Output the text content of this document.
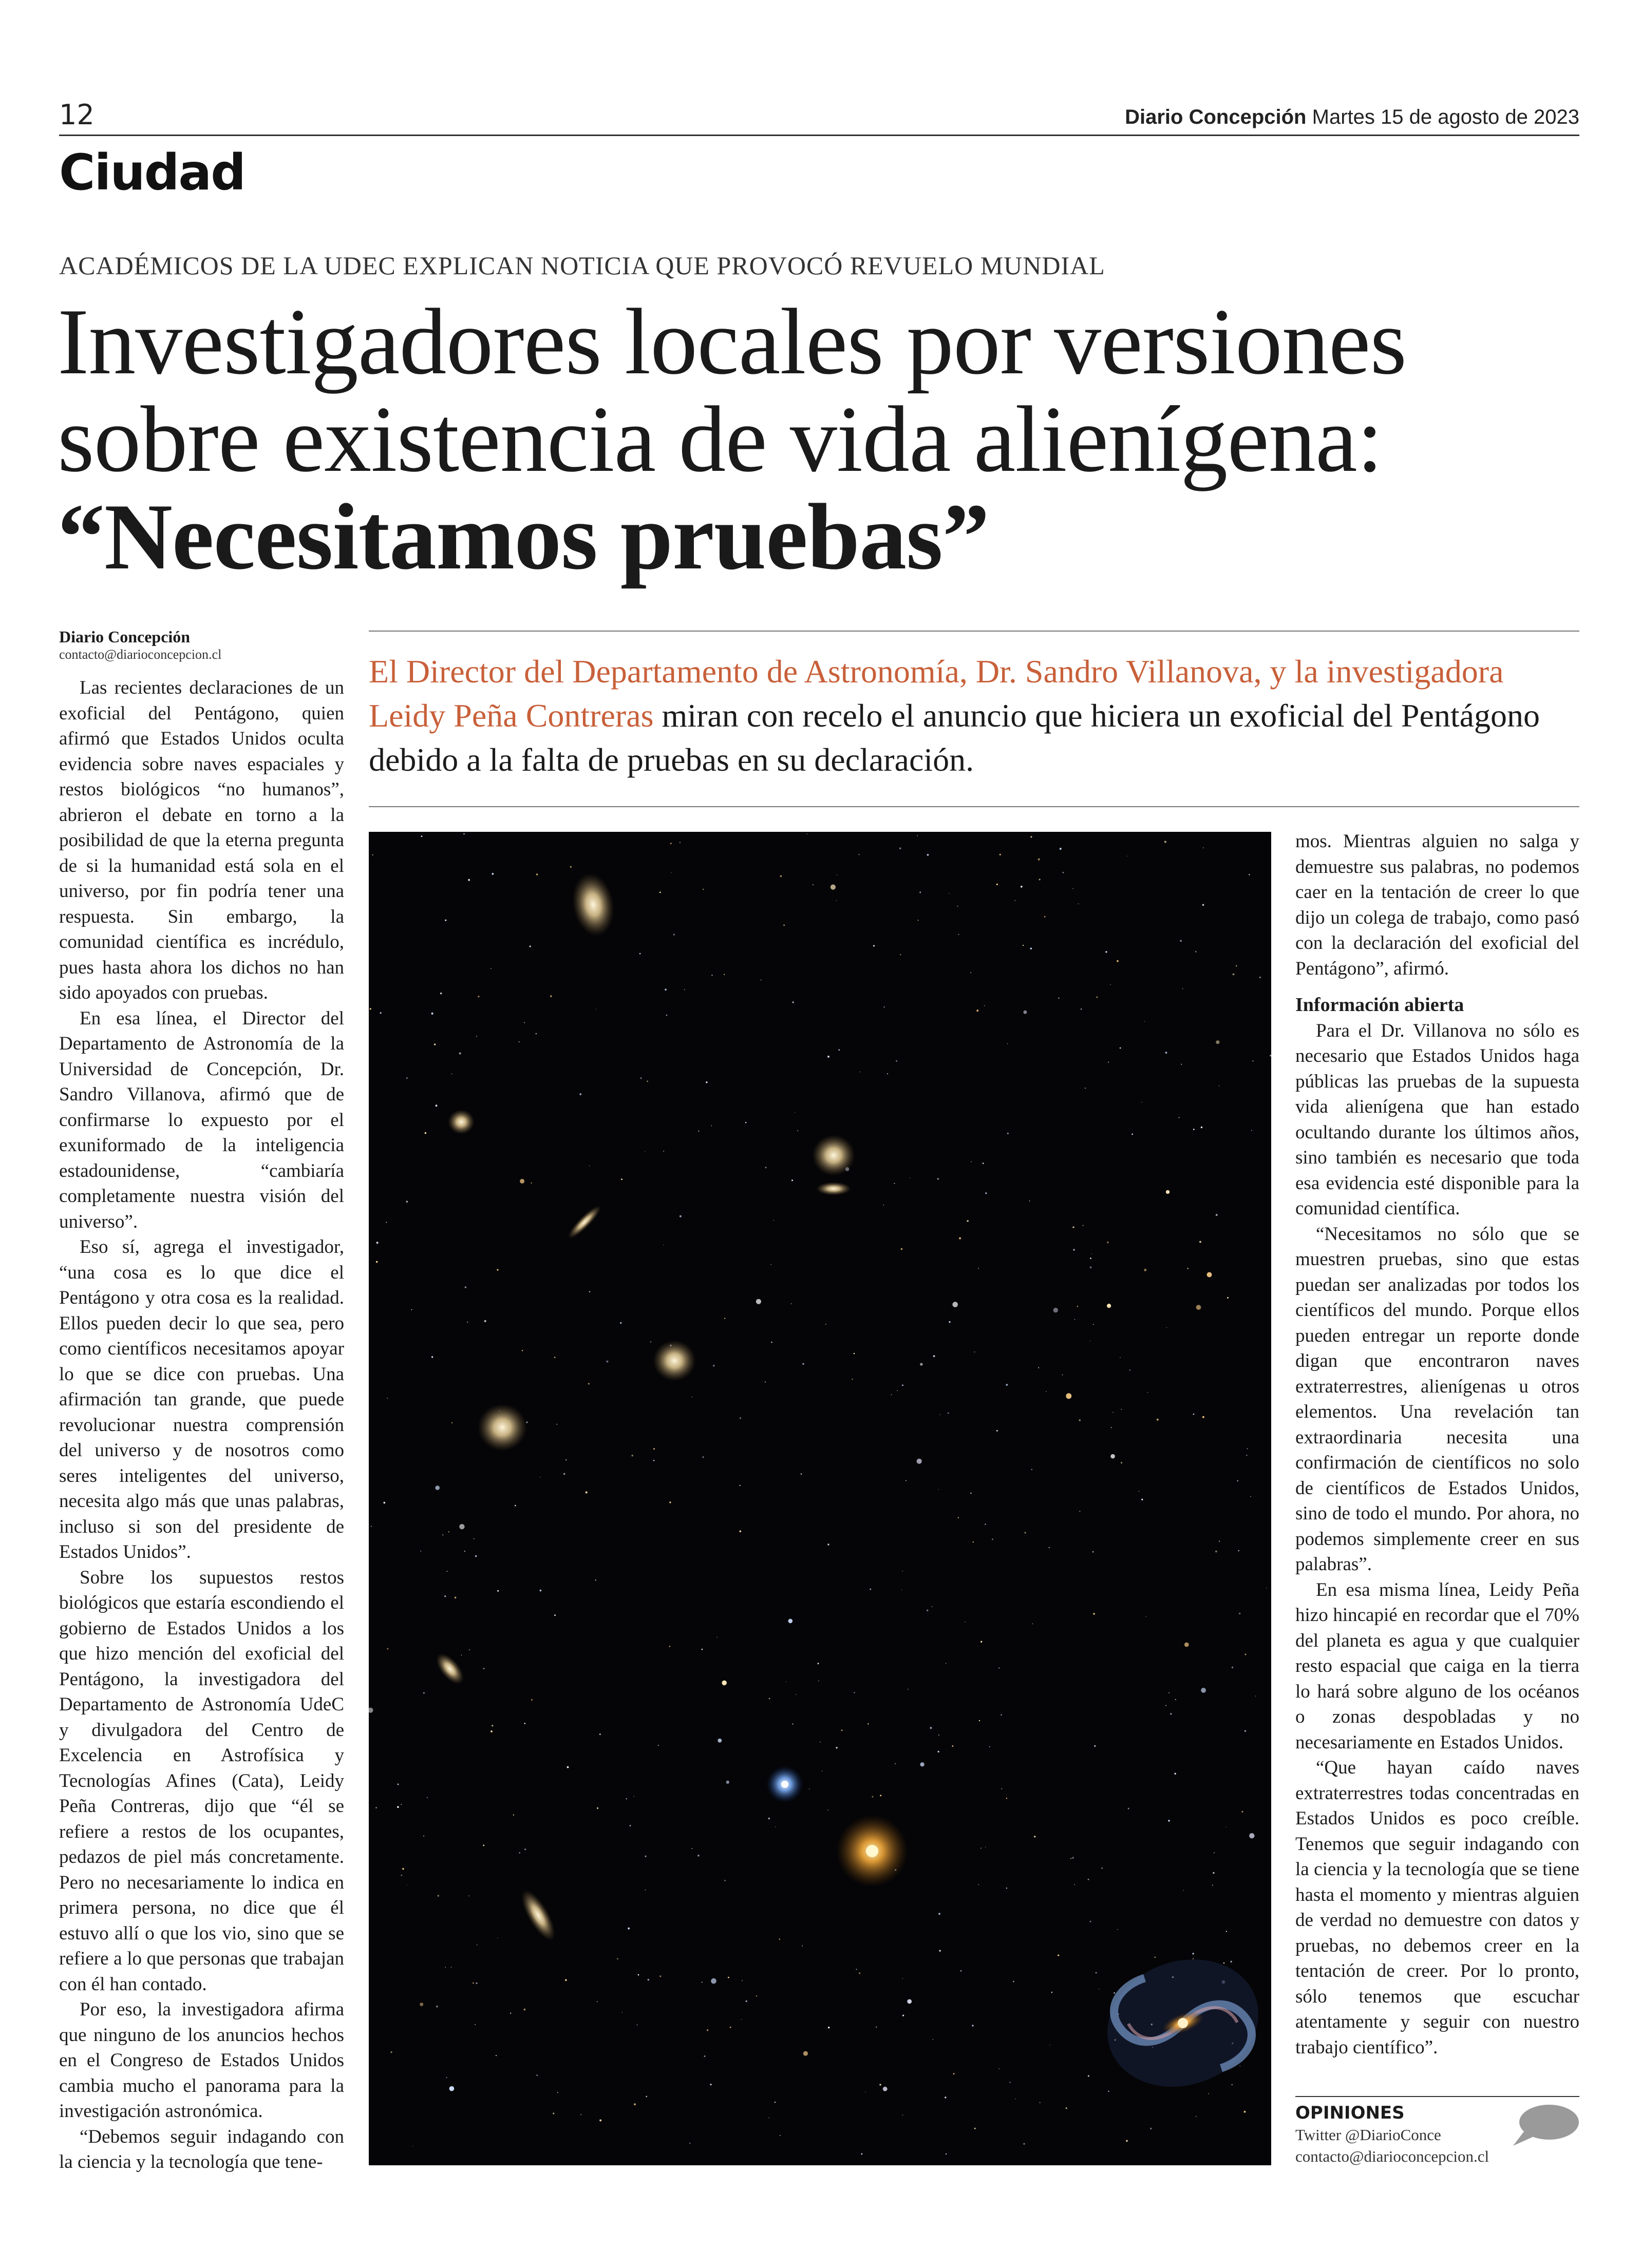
12	Diario Concepción Martes 15 de agosto de 2023
Ciudad
ACADÉMICOS DE LA UDEC EXPLICAN NOTICIA QUE PROVOCÓ REVUELO MUNDIAL
Investigadores locales por versiones
sobre existencia de vida alienígena:
“Necesitamos pruebas”
Diario Concepción
contacto@diarioconcepcion.cl	El Director del Departamento de Astronomía, Dr. Sandro Villanova, y la investigadora Leidy Peña Contreras miran con recelo el anuncio que hiciera un exoficial del Pentágono debido a la falta de pruebas en su declaración.

Las recientes declaraciones de un exoficial del Pentágono, quien afirmó que Estados Unidos oculta evidencia sobre naves espaciales y restos biológicos “no humanos”, abrieron el debate en torno a la posibilidad de que la eterna pregunta de si la humanidad está sola en el universo, por fin podría tener una respuesta. Sin embargo, la comunidad científica es incrédulo, pues hasta ahora los dichos no han sido apoyados con pruebas.

En esa línea, el Director del Departamento de Astronomía de la Universidad de Concepción, Dr. Sandro Villanova, afirmó que de confirmarse lo expuesto por el exuniformado de la inteligencia estadounidense, “cambiaría completamente nuestra visión del universo”.

Eso sí, agrega el investigador, “una cosa es lo que dice el Pentágono y otra cosa es la realidad. Ellos pueden decir lo que sea, pero como científicos necesitamos apoyar lo que se dice con pruebas. Una afirmación tan grande, que puede revolucionar nuestra comprensión del universo y de nosotros como seres inteligentes del universo, necesita algo más que unas palabras, incluso si son del presidente de Estados Unidos”.

Sobre los supuestos restos biológicos que estaría escondiendo el gobierno de Estados Unidos a los que hizo mención del exoficial del Pentágono, la investigadora del Departamento de Astronomía UdeC y divulgadora del Centro de Excelencia en Astrofísica y Tecnologías Afines (Cata), Leidy Peña Contreras, dijo que “él se refiere a restos de los ocupantes, pedazos de piel más concretamente. Pero no necesariamente lo indica en primera persona, no dice que él estuvo allí o que los vio, sino que se refiere a lo que personas que trabajan con él han contado.

Por eso, la investigadora afirma que ninguno de los anuncios hechos en el Congreso de Estados Unidos cambia mucho el panorama para la investigación astronómica.

“Debemos seguir indagando con la ciencia y la tecnología que tene-

mos. Mientras alguien no salga y demuestre sus palabras, no podemos caer en la tentación de creer lo que dijo un colega de trabajo, como pasó con la declaración del exoficial del Pentágono”, afirmó.

Información abierta

Para el Dr. Villanova no sólo es necesario que Estados Unidos haga públicas las pruebas de la supuesta vida alienígena que han estado ocultando durante los últimos años, sino también es necesario que toda esa evidencia esté disponible para la comunidad científica.

“Necesitamos no sólo que se muestren pruebas, sino que estas puedan ser analizadas por todos los científicos del mundo. Porque ellos pueden entregar un reporte donde digan que encontraron naves extraterrestres, alienígenas u otros elementos. Una revelación tan extraordinaria necesita una confirmación de científicos no solo de científicos de Estados Unidos, sino de todo el mundo. Por ahora, no podemos simplemente creer en sus palabras”.

En esa misma línea, Leidy Peña hizo hincapié en recordar que el 70% del planeta es agua y que cualquier resto espacial que caiga en la tierra lo hará sobre alguno de los océanos o zonas despobladas y no necesariamente en Estados Unidos.

“Que hayan caído naves extraterrestres todas concentradas en Estados Unidos es poco creíble. Tenemos que seguir indagando con la ciencia y la tecnología que se tiene hasta el momento y mientras alguien de verdad no demuestre con datos y pruebas, no debemos creer en la tentación de creer. Por lo pronto, sólo tenemos que escuchar atentamente y seguir con nuestro trabajo científico”.

OPINIONES
Twitter @DiarioConce
contacto@diarioconcepcion.cl
